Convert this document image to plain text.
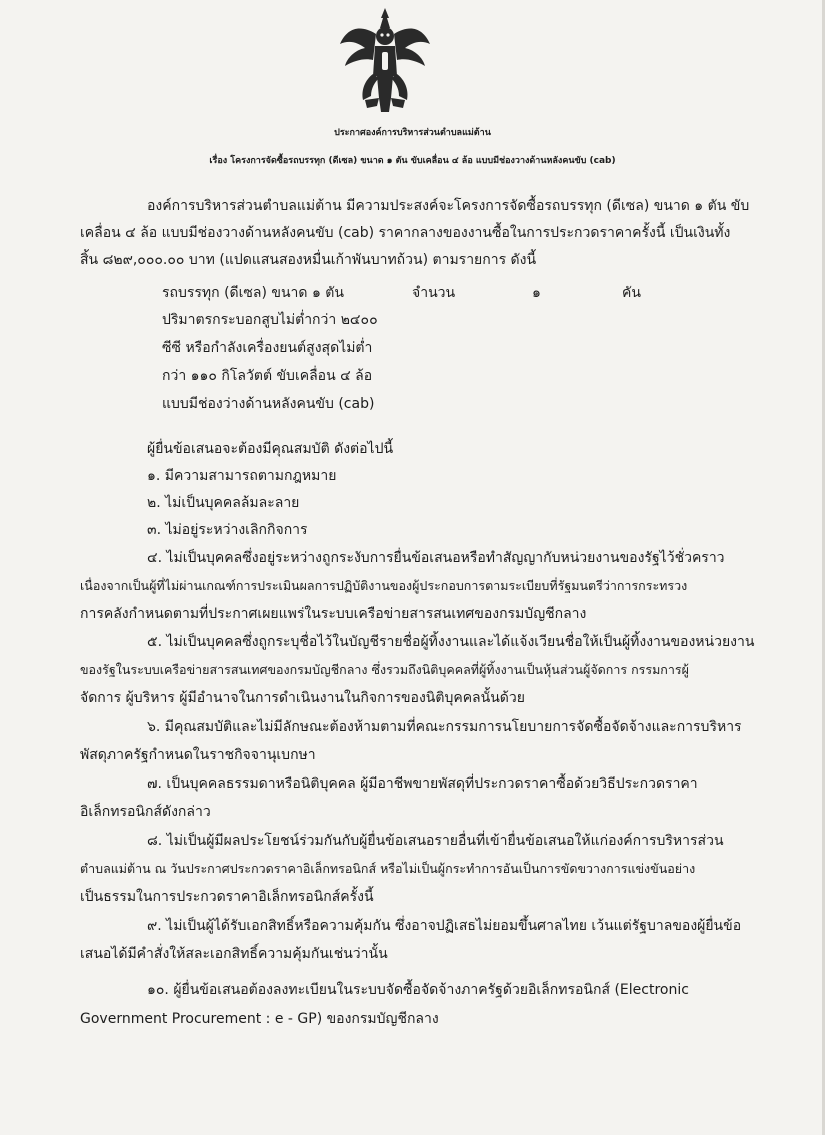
ประกาศองค์การบริหารส่วนตำบลแม่ต้าน
เรื่อง โครงการจัดซื้อรถบรรทุก (ดีเซล) ขนาด ๑ ตัน ขับเคลื่อน ๔ ล้อ แบบมีช่องวางด้านหลังคนขับ (cab)
องค์การบริหารส่วนตำบลแม่ต้าน มีความประสงค์จะโครงการจัดซื้อรถบรรทุก (ดีเซล) ขนาด ๑ ตัน ขับ
เคลื่อน ๔ ล้อ แบบมีช่องวางด้านหลังคนขับ (cab) ราคากลางของงานซื้อในการประกวดราคาครั้งนี้ เป็นเงินทั้ง
สิ้น ๘๒๙,๐๐๐.๐๐ บาท (แปดแสนสองหมื่นเก้าพันบาทถ้วน) ตามรายการ ดังนี้
รถบรรทุก (ดีเซล) ขนาด ๑ ตัน	จำนวน	๑	คัน
ปริมาตรกระบอกสูบไม่ต่ำกว่า ๒๔๐๐
ซีซี หรือกำลังเครื่องยนต์สูงสุดไม่ต่ำ
กว่า ๑๑๐ กิโลวัตต์ ขับเคลื่อน ๔ ล้อ
แบบมีช่องว่างด้านหลังคนขับ (cab)
ผู้ยื่นข้อเสนอจะต้องมีคุณสมบัติ ดังต่อไปนี้
๑. มีความสามารถตามกฎหมาย
๒. ไม่เป็นบุคคลล้มละลาย
๓. ไม่อยู่ระหว่างเลิกกิจการ
๔. ไม่เป็นบุคคลซึ่งอยู่ระหว่างถูกระงับการยื่นข้อเสนอหรือทำสัญญากับหน่วยงานของรัฐไว้ชั่วคราว
เนื่องจากเป็นผู้ที่ไม่ผ่านเกณฑ์การประเมินผลการปฏิบัติงานของผู้ประกอบการตามระเบียบที่รัฐมนตรีว่าการกระทรวง
การคลังกำหนดตามที่ประกาศเผยแพร่ในระบบเครือข่ายสารสนเทศของกรมบัญชีกลาง
๕. ไม่เป็นบุคคลซึ่งถูกระบุชื่อไว้ในบัญชีรายชื่อผู้ทิ้งงานและได้แจ้งเวียนชื่อให้เป็นผู้ทิ้งงานของหน่วยงาน
ของรัฐในระบบเครือข่ายสารสนเทศของกรมบัญชีกลาง ซึ่งรวมถึงนิติบุคคลที่ผู้ทิ้งงานเป็นหุ้นส่วนผู้จัดการ กรรมการผู้
จัดการ ผู้บริหาร ผู้มีอำนาจในการดำเนินงานในกิจการของนิติบุคคลนั้นด้วย
๖. มีคุณสมบัติและไม่มีลักษณะต้องห้ามตามที่คณะกรรมการนโยบายการจัดซื้อจัดจ้างและการบริหาร
พัสดุภาครัฐกำหนดในราชกิจจานุเบกษา
๗. เป็นบุคคลธรรมดาหรือนิติบุคคล ผู้มีอาชีพขายพัสดุที่ประกวดราคาซื้อด้วยวิธีประกวดราคา
อิเล็กทรอนิกส์ดังกล่าว
๘. ไม่เป็นผู้มีผลประโยชน์ร่วมกันกับผู้ยื่นข้อเสนอรายอื่นที่เข้ายื่นข้อเสนอให้แก่องค์การบริหารส่วน
ตำบลแม่ต้าน ณ วันประกาศประกวดราคาอิเล็กทรอนิกส์ หรือไม่เป็นผู้กระทำการอันเป็นการขัดขวางการแข่งขันอย่าง
เป็นธรรมในการประกวดราคาอิเล็กทรอนิกส์ครั้งนี้
๙. ไม่เป็นผู้ได้รับเอกสิทธิ์หรือความคุ้มกัน ซึ่งอาจปฏิเสธไม่ยอมขึ้นศาลไทย เว้นแต่รัฐบาลของผู้ยื่นข้อ
เสนอได้มีคำสั่งให้สละเอกสิทธิ์ความคุ้มกันเช่นว่านั้น
๑๐. ผู้ยื่นข้อเสนอต้องลงทะเบียนในระบบจัดซื้อจัดจ้างภาครัฐด้วยอิเล็กทรอนิกส์ (Electronic
Government Procurement : e - GP) ของกรมบัญชีกลาง
